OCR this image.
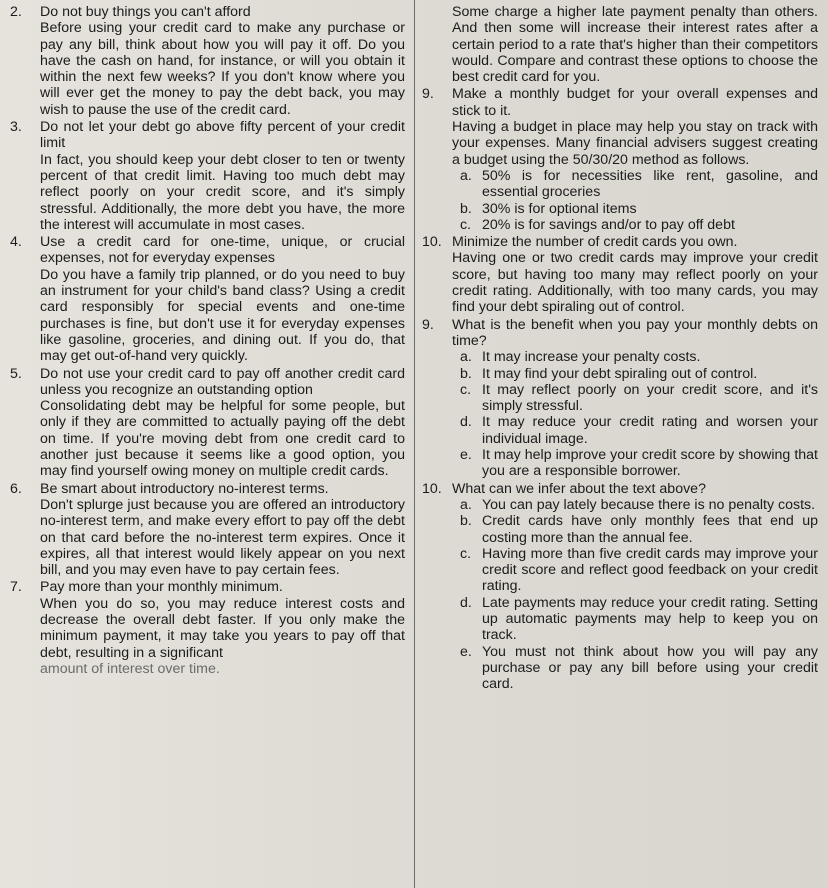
2.	Do not buy things you can't afford
Before using your credit card to make any purchase or pay any bill, think about how you will pay it off. Do you have the cash on hand, for instance, or will you obtain it within the next few weeks? If you don't know where you will ever get the money to pay the debt back, you may wish to pause the use of the credit card.
3.	Do not let your debt go above fifty percent of your credit limit
In fact, you should keep your debt closer to ten or twenty percent of that credit limit. Having too much debt may reflect poorly on your credit score, and it's simply stressful. Additionally, the more debt you have, the more the interest will accumulate in most cases.
4.	Use a credit card for one-time, unique, or crucial expenses, not for everyday expenses
Do you have a family trip planned, or do you need to buy an instrument for your child's band class? Using a credit card responsibly for special events and one-time purchases is fine, but don't use it for everyday expenses like gasoline, groceries, and dining out. If you do, that may get out-of-hand very quickly.
5.	Do not use your credit card to pay off another credit card unless you recognize an outstanding option
Consolidating debt may be helpful for some people, but only if they are committed to actually paying off the debt on time. If you're moving debt from one credit card to another just because it seems like a good option, you may find yourself owing money on multiple credit cards.
6.	Be smart about introductory no-interest terms.
Don't splurge just because you are offered an introductory no-interest term, and make every effort to pay off the debt on that card before the no-interest term expires. Once it expires, all that interest would likely appear on you next bill, and you may even have to pay certain fees.
7.	Pay more than your monthly minimum.
When you do so, you may reduce interest costs and decrease the overall debt faster. If you only make the minimum payment, it may take you years to pay off that debt, resulting in a significant
amount of interest over time.
Some charge a higher late payment penalty than others. And then some will increase their interest rates after a certain period to a rate that's higher than their competitors would. Compare and contrast these options to choose the best credit card for you.
9.	Make a monthly budget for your overall expenses and stick to it.
Having a budget in place may help you stay on track with your expenses. Many financial advisers suggest creating a budget using the 50/30/20 method as follows.
a. 50% is for necessities like rent, gasoline, and essential groceries
b. 30% is for optional items
c. 20% is for savings and/or to pay off debt
10. Minimize the number of credit cards you own.
Having one or two credit cards may improve your credit score, but having too many may reflect poorly on your credit rating. Additionally, with too many cards, you may find your debt spiraling out of control.
9.	What is the benefit when you pay your monthly debts on time?
a. It may increase your penalty costs.
b. It may find your debt spiraling out of control.
c. It may reflect poorly on your credit score, and it's simply stressful.
d. It may reduce your credit rating and worsen your individual image.
e. It may help improve your credit score by showing that you are a responsible borrower.
10. What can we infer about the text above?
a. You can pay lately because there is no penalty costs.
b. Credit cards have only monthly fees that end up costing more than the annual fee.
c. Having more than five credit cards may improve your credit score and reflect good feedback on your credit rating.
d. Late payments may reduce your credit rating. Setting up automatic payments may help to keep you on track.
e. You must not think about how you will pay any purchase or pay any bill before using your credit card.
